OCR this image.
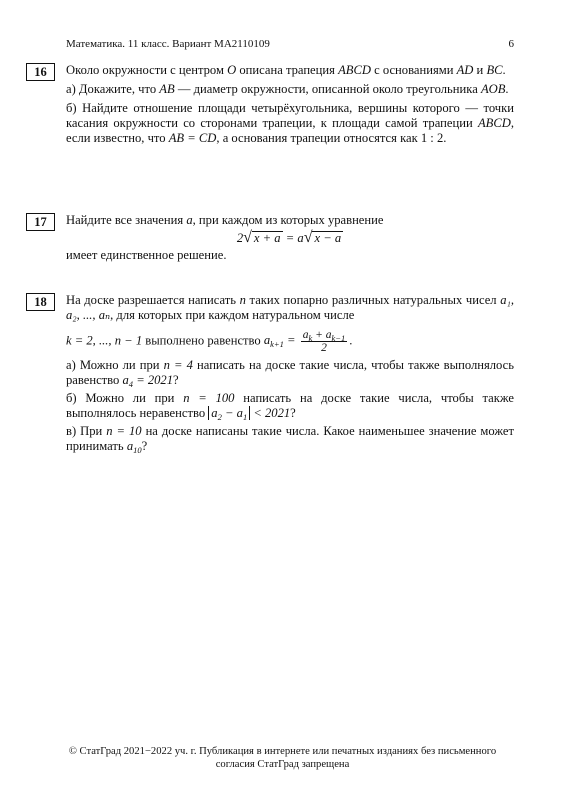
Математика. 11 класс. Вариант МА2110109	6
16	Около окружности с центром O описана трапеция ABCD с основаниями AD и BC.

а) Докажите, что AB — диаметр окружности, описанной около треугольника AOB.

б) Найдите отношение площади четырёхугольника, вершины которого — точки касания окружности со сторонами трапеции, к площади самой трапеции ABCD, если известно, что AB = CD, а основания трапеции относятся как 1 : 2.

17	Найдите все значения a, при каждом из которых уравнение

2 √ x + a = a √ x − a

имеет единственное решение.

18	На доске разрешается написать n таких попарно различных натуральных чисел a₁, a₂, ..., aₙ, для которых при каждом натуральном числе

k = 2, ..., n − 1 выполнено равенство $a_{k+1} = \frac{a_k + a_{k-1}}{2}$ .

а) Можно ли при n = 4 написать на доске такие числа, чтобы также выполнялось равенство $a_4 = 2021$?

б) Можно ли при n = 100 написать на доске такие числа, чтобы также выполнялось неравенство $a_2 - a_1 < 2021$?

в) При n = 10 на доске написаны такие числа. Какое наименьшее значение может принимать $a_{10}$?

© СтатГрад 2021−2022 уч. г. Публикация в интернете или печатных изданиях без письменного
согласия СтатГрад запрещена
